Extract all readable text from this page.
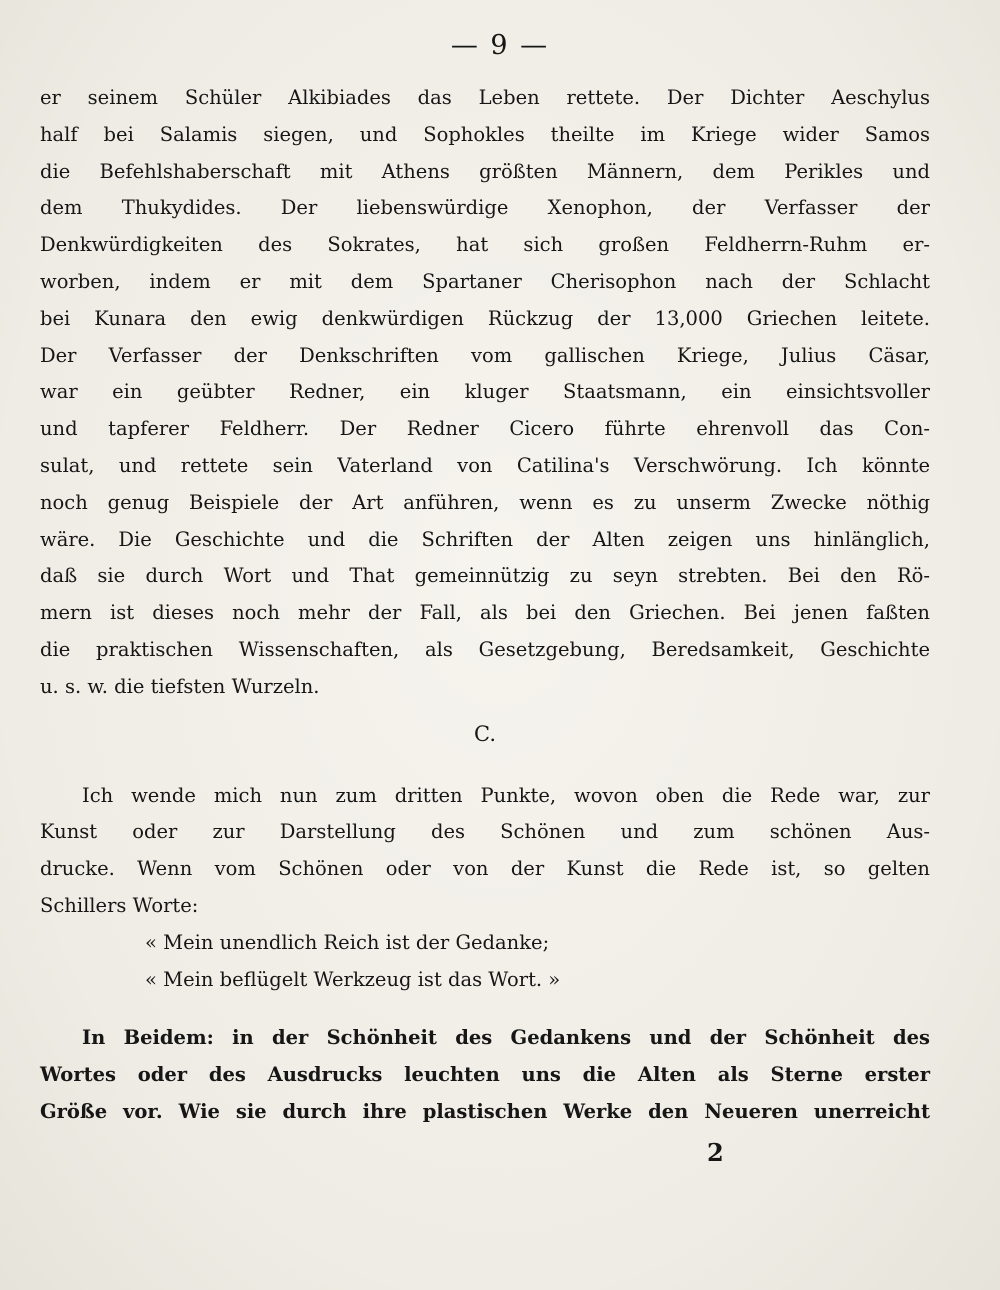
— 9 —
er seinem Schüler Alkibiades das Leben rettete. Der Dichter Aeschylus
half bei Salamis siegen, und Sophokles theilte im Kriege wider Samos
die Befehlshaberschaft mit Athens größten Männern, dem Perikles und
dem Thukydides. Der liebenswürdige Xenophon, der Verfasser der
Denkwürdigkeiten des Sokrates, hat sich großen Feldherrn-Ruhm er-
worben, indem er mit dem Spartaner Cherisophon nach der Schlacht
bei Kunara den ewig denkwürdigen Rückzug der 13,000 Griechen leitete.
Der Verfasser der Denkschriften vom gallischen Kriege, Julius Cäsar,
war ein geübter Redner, ein kluger Staatsmann, ein einsichtsvoller
und tapferer Feldherr. Der Redner Cicero führte ehrenvoll das Con-
sulat, und rettete sein Vaterland von Catilina's Verschwörung. Ich könnte
noch genug Beispiele der Art anführen, wenn es zu unserm Zwecke nöthig
wäre. Die Geschichte und die Schriften der Alten zeigen uns hinlänglich,
daß sie durch Wort und That gemeinnützig zu seyn strebten. Bei den Rö-
mern ist dieses noch mehr der Fall, als bei den Griechen. Bei jenen faßten
die praktischen Wissenschaften, als Gesetzgebung, Beredsamkeit, Geschichte
u. s. w. die tiefsten Wurzeln.
C.
Ich wende mich nun zum dritten Punkte, wovon oben die Rede war, zur
Kunst oder zur Darstellung des Schönen und zum schönen Aus-
drucke. Wenn vom Schönen oder von der Kunst die Rede ist, so gelten
Schillers Worte:
« Mein unendlich Reich ist der Gedanke;
« Mein beflügelt Werkzeug ist das Wort. »
In Beidem: in der Schönheit des Gedankens und der Schönheit des
Wortes oder des Ausdrucks leuchten uns die Alten als Sterne erster
Größe vor. Wie sie durch ihre plastischen Werke den Neueren unerreicht
2
